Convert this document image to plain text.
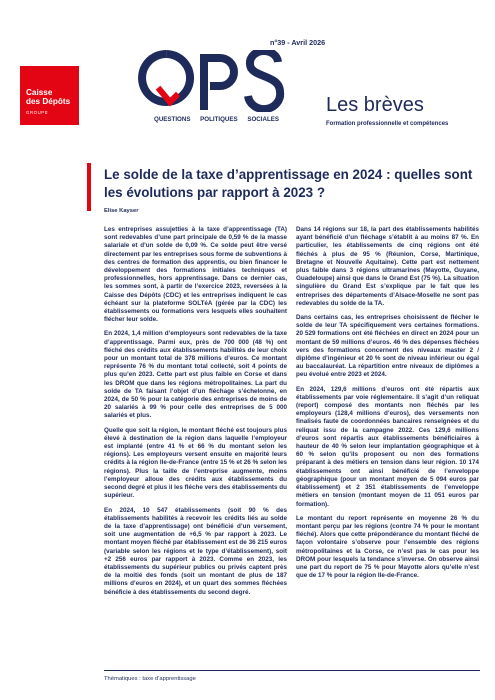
Caisse
des Dépôts
GROUPE
n°39 - Avril 2026
QUESTIONS POLITIQUES SOCIALES
Les brèves
Formation professionnelle et compétences
Le solde de la taxe d’apprentissage en 2024 : quelles sont les évolutions par rapport à 2023 ?
Elise Kayser

Les entreprises assujetties à la taxe d’apprentissage (TA) sont redevables d’une part principale de 0,59 % de la masse salariale et d’un solde de 0,09 %. Ce solde peut être versé directement par les entreprises sous forme de subventions à des centres de formation des apprentis, ou bien financer le développement des formations initiales techniques et professionnelles, hors apprentissage. Dans ce dernier cas, les sommes sont, à partir de l’exercice 2023, reversées à la Caisse des Dépôts (CDC) et les entreprises indiquent le cas échéant sur la plateforme SOLTéA (gérée par la CDC) les établissements ou formations vers lesquels elles souhaitent flécher leur solde.

En 2024, 1,4 million d’employeurs sont redevables de la taxe d’apprentissage. Parmi eux, près de 700 000 (48 %) ont fléché des crédits aux établissements habilités de leur choix pour un montant total de 378 millions d’euros. Ce montant représente 76 % du montant total collecté, soit 4 points de plus qu’en 2023. Cette part est plus faible en Corse et dans les DROM que dans les régions métropolitaines. La part du solde de TA faisant l’objet d’un fléchage s’échelonne, en 2024, de 50 % pour la catégorie des entreprises de moins de 20 salariés à 99 % pour celle des entreprises de 5 000 salariés et plus.

Quelle que soit la région, le montant fléché est toujours plus élevé à destination de la région dans laquelle l’employeur est implanté (entre 41 % et 66 % du montant selon les régions). Les employeurs versent ensuite en majorité leurs crédits à la région Ile-de-France (entre 15 % et 26 % selon les régions). Plus la taille de l’entreprise augmente, moins l’employeur alloue des crédits aux établissements du second degré et plus il les fléche vers des établissements du supérieur.

En 2024, 10 547 établissements (soit 90 % des établissements habilités à recevoir les crédits liés au solde de la taxe d’apprentissage) ont bénéficié d’un versement, soit une augmentation de +6,5 % par rapport à 2023. Le montant moyen fléché par établissement est de 36 215 euros (variable selon les régions et le type d’établissement), soit +2 256 euros par rapport à 2023. Comme en 2023, les établissements du supérieur publics ou privés captent près de la moitié des fonds (soit un montant de plus de 187 millions d’euros en 2024), et un quart des sommes fléchées bénéficie à des établissements du second degré.

Dans 14 régions sur 18, la part des établissements habilités ayant bénéficié d’un fléchage s’établit à au moins 87 %. En particulier, les établissements de cinq régions ont été fléchés à plus de 95 % (Réunion, Corse, Martinique, Bretagne et Nouvelle Aquitaine). Cette part est nettement plus faible dans 3 régions ultramarines (Mayotte, Guyane, Guadeloupe) ainsi que dans le Grand Est (75 %). La situation singulière du Grand Est s’explique par le fait que les entreprises des départements d’Alsace-Moselle ne sont pas redevables du solde de la TA.

Dans certains cas, les entreprises choisissent de flécher le solde de leur TA spécifiquement vers certaines formations. 20 529 formations ont été fléchées en direct en 2024 pour un montant de 59 millions d’euros. 46 % des dépenses fléchées vers des formations concernent des niveaux master 2 / diplôme d’ingénieur et 20 % sont de niveau inférieur ou égal au baccalauréat. La répartition entre niveaux de diplômes a peu évolué entre 2023 et 2024.

En 2024, 129,6 millions d’euros ont été répartis aux établissements par voie réglementaire. Il s’agit d’un reliquat (report) composé des montants non fléchés par les employeurs (128,4 millions d’euros), des versements non finalisés faute de coordonnées bancaires renseignées et du reliquat issu de la campagne 2022. Ces 129,6 millions d’euros sont répartis aux établissements bénéficiaires à hauteur de 40 % selon leur implantation géographique et à 60 % selon qu’ils proposent ou non des formations préparant à des métiers en tension dans leur région. 10 174 établissements ont ainsi bénéficié de l’enveloppe géographique (pour un montant moyen de 5 094 euros par établissement) et 2 351 établissements de l’enveloppe métiers en tension (montant moyen de 11 051 euros par formation).

Le montant du report représente en moyenne 26 % du montant perçu par les régions (contre 74 % pour le montant fléché). Alors que cette prépondérance du montant fléché de façon volontaire s’observe pour l’ensemble des régions métropolitaines et la Corse, ce n’est pas le cas pour les DROM pour lesquels la tendance s’inverse. On observe ainsi une part du report de 75 % pour Mayotte alors qu’elle n’est que de 17 % pour la région Ile-de-France.

Thématiques : taxe d’apprentissage
